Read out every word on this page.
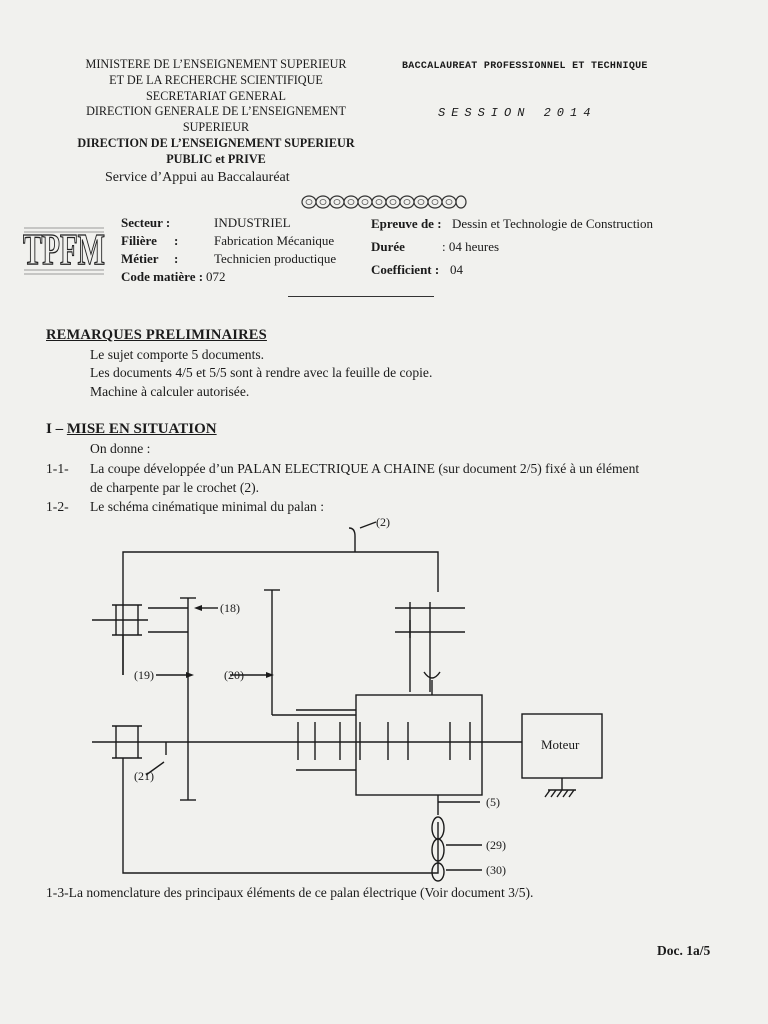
MINISTERE DE L’ENSEIGNEMENT SUPERIEUR
ET DE LA RECHERCHE SCIENTIFIQUE
SECRETARIAT GENERAL
DIRECTION GENERALE DE L’ENSEIGNEMENT
SUPERIEUR
DIRECTION DE L’ENSEIGNEMENT SUPERIEUR
PUBLIC et PRIVE
Service d’Appui au Baccalauréat
BACCALAUREAT PROFESSIONNEL ET TECHNIQUE
SESSION 2014
TPFM
Secteur :	INDUSTRIEL
Filière :	Fabrication Mécanique
Métier :	Technicien productique
Code matière : 072
Epreuve de : Dessin et Technologie de Construction
Durée	: 04 heures
Coefficient : 04
REMARQUES PRELIMINAIRES
Le sujet comporte 5 documents.
Les documents 4/5 et 5/5 sont à rendre avec la feuille de copie.
Machine à calculer autorisée.
I – MISE EN SITUATION
On donne :
1-1- La coupe développée d’un PALAN ELECTRIQUE A CHAINE (sur document 2/5) fixé à un élément
de charpente par le crochet (2).
1-2- Le schéma cinématique minimal du palan :
(2)
(18)
(19)	(20)
(21)
(5)
(29)
(30)
Moteur
1-3-La nomenclature des principaux éléments de ce palan électrique (Voir document 3/5).
Doc. 1a/5
